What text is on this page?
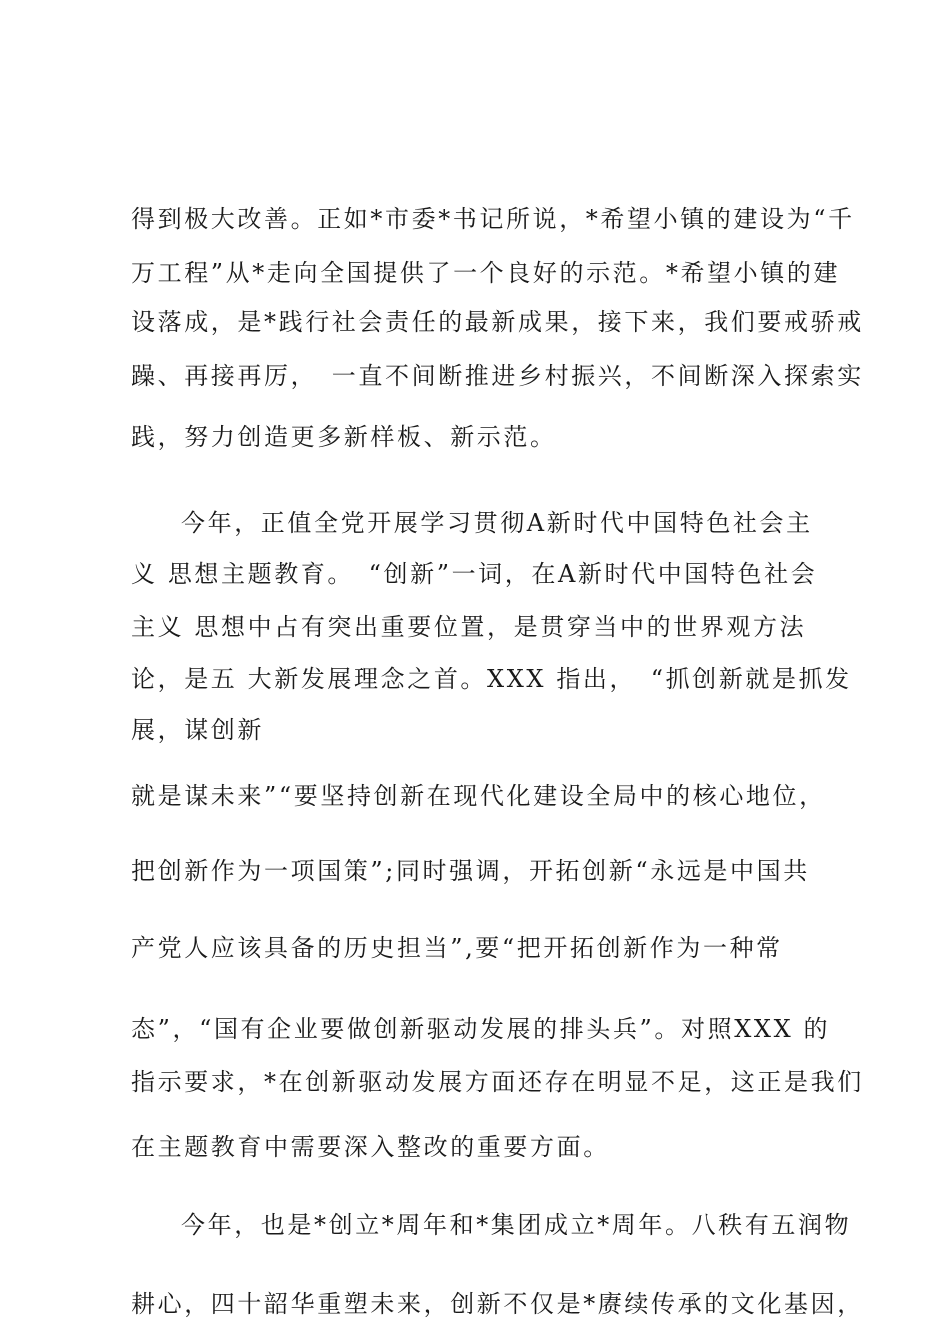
得到极大改善。正如*市委*书记所说，*希望小镇的建设为“千

万工程”从*走向全国提供了一个良好的示范。*希望小镇的建

设落成，是*践行社会责任的最新成果，接下来，我们要戒骄戒

躁、再接再厉，　一直不间断推进乡村振兴，不间断深入探索实

践，努力创造更多新样板、新示范。

今年，正值全党开展学习贯彻A新时代中国特色社会主

义 思想主题教育。　“创新”一词，在A新时代中国特色社会

主义 思想中占有突出重要位置，是贯穿当中的世界观方法

论，是五 大新发展理念之首。XXX 指出，　“抓创新就是抓发

展，谋创新

就是谋未来”“要坚持创新在现代化建设全局中的核心地位，

把创新作为一项国策”;同时强调，开拓创新“永远是中国共

产党人应该具备的历史担当”,要“把开拓创新作为一种常

态”，“国有企业要做创新驱动发展的排头兵”。对照XXX 的

指示要求，*在创新驱动发展方面还存在明显不足，这正是我们

在主题教育中需要深入整改的重要方面。

今年，也是*创立*周年和*集团成立*周年。八秩有五润物

耕心，四十韶华重塑未来，创新不仅是*赓续传承的文化基因，
